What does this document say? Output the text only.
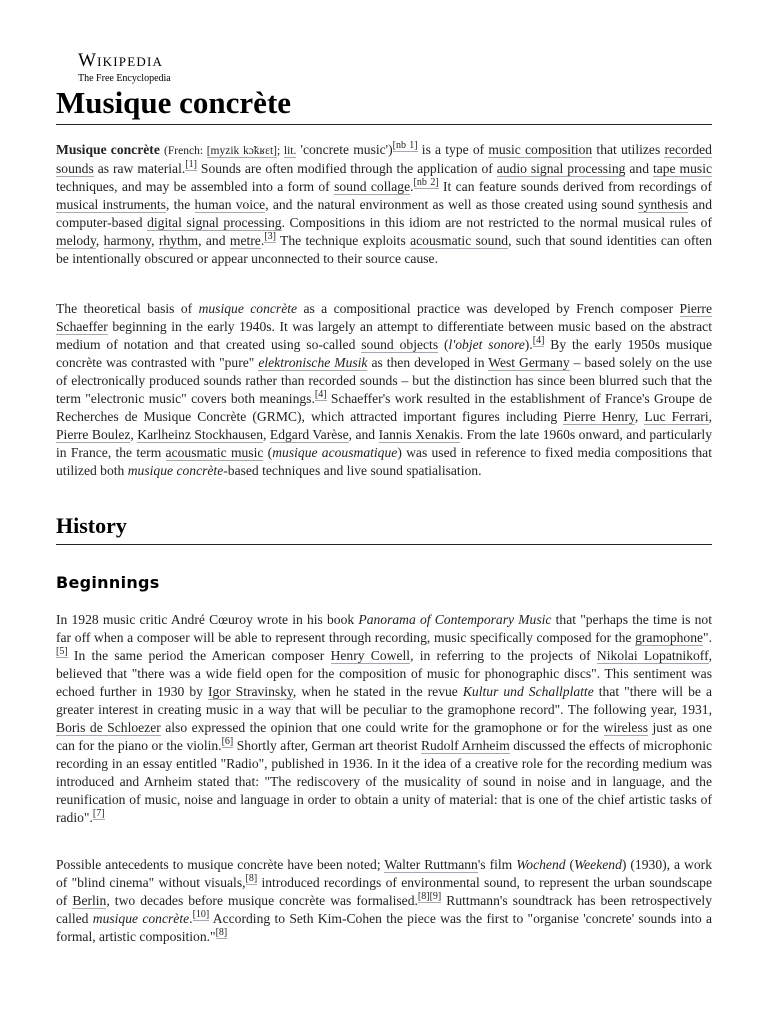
Wikipedia
The Free Encyclopedia
Musique concrète

Musique concrète (French: [myzik kɔ̃kʁɛt]; lit. 'concrete music')[nb 1] is a type of music composition that utilizes recorded sounds as raw material.[1] Sounds are often modified through the application of audio signal processing and tape music techniques, and may be assembled into a form of sound collage.[nb 2] It can feature sounds derived from recordings of musical instruments, the human voice, and the natural environment as well as those created using sound synthesis and computer-based digital signal processing. Compositions in this idiom are not restricted to the normal musical rules of melody, harmony, rhythm, and metre.[3] The technique exploits acousmatic sound, such that sound identities can often be intentionally obscured or appear unconnected to their source cause.

The theoretical basis of musique concrète as a compositional practice was developed by French composer Pierre Schaeffer beginning in the early 1940s. It was largely an attempt to differentiate between music based on the abstract medium of notation and that created using so-called sound objects (l'objet sonore).[4] By the early 1950s musique concrète was contrasted with "pure" elektronische Musik as then developed in West Germany – based solely on the use of electronically produced sounds rather than recorded sounds – but the distinction has since been blurred such that the term "electronic music" covers both meanings.[4] Schaeffer's work resulted in the establishment of France's Groupe de Recherches de Musique Concrète (GRMC), which attracted important figures including Pierre Henry, Luc Ferrari, Pierre Boulez, Karlheinz Stockhausen, Edgard Varèse, and Iannis Xenakis. From the late 1960s onward, and particularly in France, the term acousmatic music (musique acousmatique) was used in reference to fixed media compositions that utilized both musique concrète-based techniques and live sound spatialisation.

History
Beginnings

In 1928 music critic André Cœuroy wrote in his book Panorama of Contemporary Music that "perhaps the time is not far off when a composer will be able to represent through recording, music specifically composed for the gramophone".[5] In the same period the American composer Henry Cowell, in referring to the projects of Nikolai Lopatnikoff, believed that "there was a wide field open for the composition of music for phonographic discs". This sentiment was echoed further in 1930 by Igor Stravinsky, when he stated in the revue Kultur und Schallplatte that "there will be a greater interest in creating music in a way that will be peculiar to the gramophone record". The following year, 1931, Boris de Schloezer also expressed the opinion that one could write for the gramophone or for the wireless just as one can for the piano or the violin.[6] Shortly after, German art theorist Rudolf Arnheim discussed the effects of microphonic recording in an essay entitled "Radio", published in 1936. In it the idea of a creative role for the recording medium was introduced and Arnheim stated that: "The rediscovery of the musicality of sound in noise and in language, and the reunification of music, noise and language in order to obtain a unity of material: that is one of the chief artistic tasks of radio".[7]

Possible antecedents to musique concrète have been noted; Walter Ruttmann's film Wochend (Weekend) (1930), a work of "blind cinema" without visuals,[8] introduced recordings of environmental sound, to represent the urban soundscape of Berlin, two decades before musique concrète was formalised.[8][9] Ruttmann's soundtrack has been retrospectively called musique concrète.[10] According to Seth Kim-Cohen the piece was the first to "organise 'concrete' sounds into a formal, artistic composition."[8]
